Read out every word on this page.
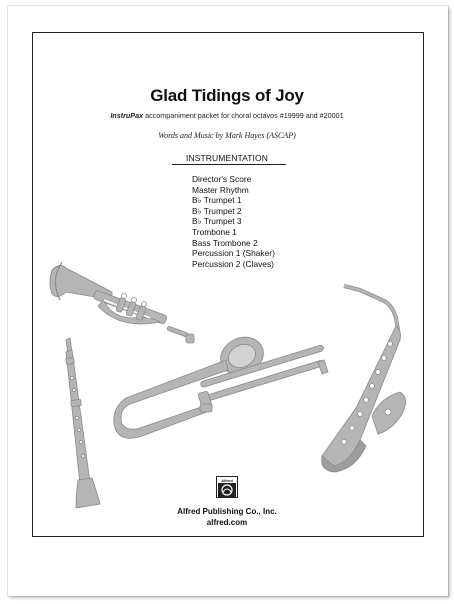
Glad Tidings of Joy
InstruPax accompaniment packet for choral octavos #19999 and #20001
Words and Music by Mark Hayes (ASCAP)
INSTRUMENTATION
Director's Score
Master Rhythm
B♭ Trumpet 1
B♭ Trumpet 2
B♭ Trumpet 3
Trombone 1
Bass Trombone 2
Percussion 1 (Shaker)
Percussion 2 (Claves)
Alfred
Alfred Publishing Co., Inc.
alfred.com
